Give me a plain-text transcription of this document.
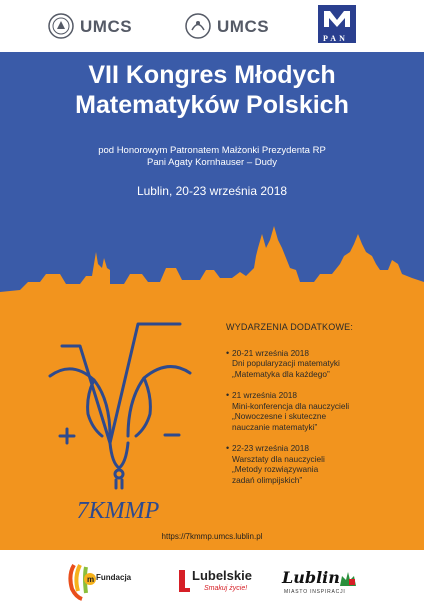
UMCS	UMCS
PAN
VII Kongres Młodych
Matematyków Polskich
pod Honorowym Patronatem Małżonki Prezydenta RP
Pani Agaty Kornhauser – Dudy
Lublin, 20-23 września 2018
7KMMP
WYDARZENIA DODATKOWE:
• 20-21 września 2018
Dni popularyzacji matematyki
„Matematyka dla każdego”
• 21 września 2018
Mini-konferencja dla nauczycieli
„Nowoczesne i skuteczne
nauczanie matematyki”
• 22-23 września 2018
Warsztaty dla nauczycieli
„Metody rozwiązywania
zadań olimpijskich”
https://7kmmp.umcs.lublin.pl
m Fundacja	Lubelskie
Smakuj życie!
Lublin
MIASTO INSPIRACJI
